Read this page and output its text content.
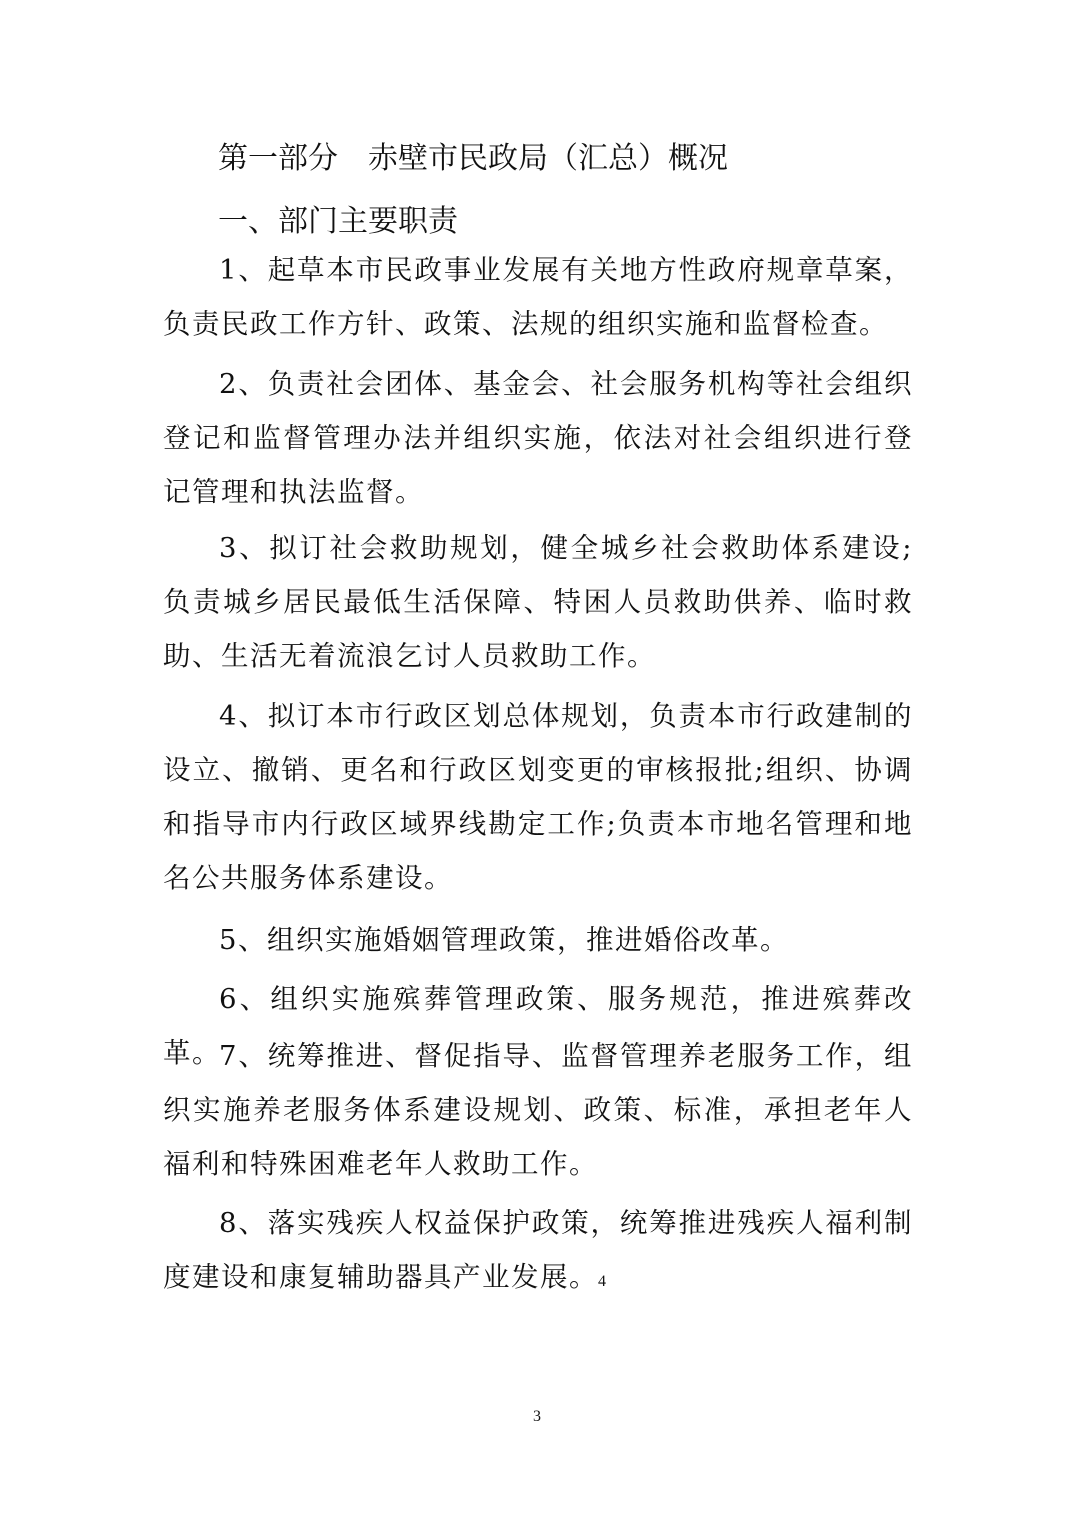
第一部分　赤壁市民政局（汇总）概况
一、部门主要职责

1、起草本市民政事业发展有关地方性政府规章草案，负责民政工作方针、政策、法规的组织实施和监督检查。

2、负责社会团体、基金会、社会服务机构等社会组织 登记和监督管理办法并组织实施，依法对社会组织进行登记管理和执法监督。

3、拟订社会救助规划，健全城乡社会救助体系建设;负责城乡居民最低生活保障、特困人员救助供养、临时救助、生活无着流浪乞讨人员救助工作。

4、拟订本市行政区划总体规划，负责本市行政建制的设立、撤销、更名和行政区划变更的审核报批;组织、协调和指导市内行政区域界线勘定工作;负责本市地名管理和地名公共服务体系建设。

5、组织实施婚姻管理政策，推进婚俗改革。

6、组织实施殡葬管理政策、服务规范，推进殡葬改革。

7、统筹推进、督促指导、监督管理养老服务工作，组织实施养老服务体系建设规划、政策、标准，承担老年人福利和特殊困难老年人救助工作。

8、落实残疾人权益保护政策，统筹推进残疾人福利制度建设和康复辅助器具产业发展。4

3
